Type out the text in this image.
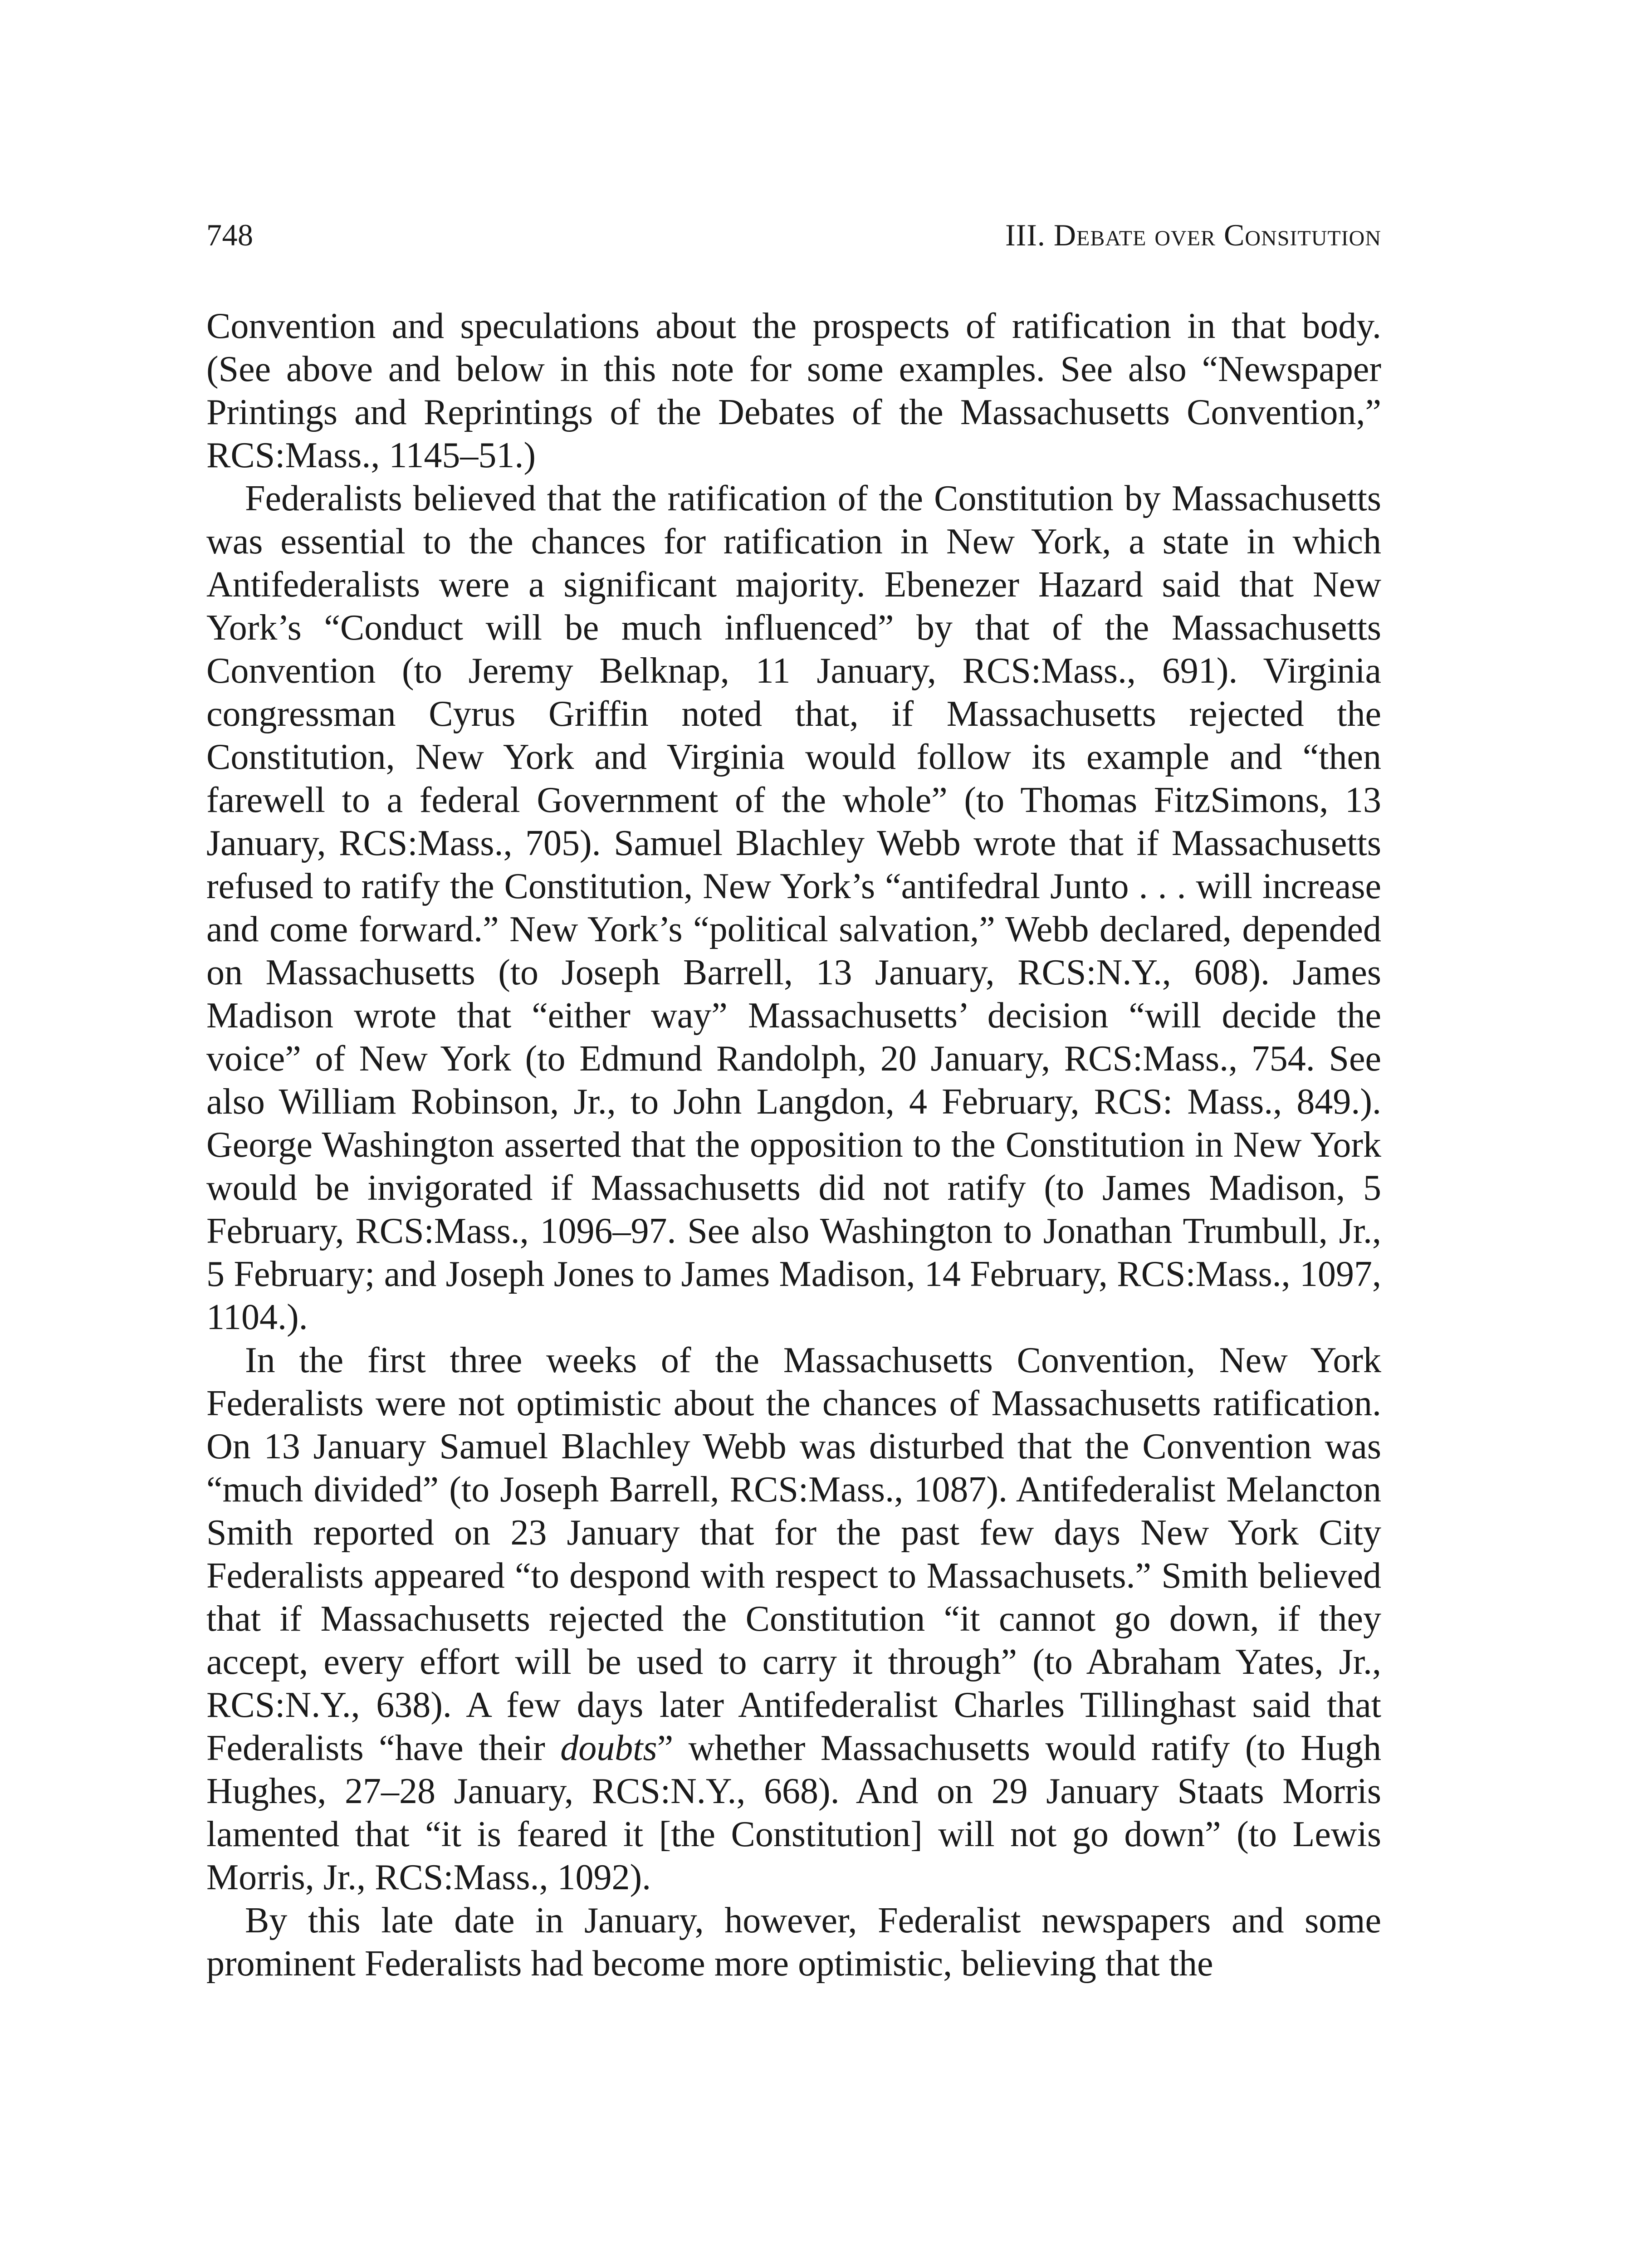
748	III. Debate over Consitution

Convention and speculations about the prospects of ratification in that body. (See above and below in this note for some examples. See also “Newspaper Printings and Reprintings of the Debates of the Massachusetts Convention,” RCS:Mass., 1145–51.)

Federalists believed that the ratification of the Constitution by Massachusetts was essential to the chances for ratification in New York, a state in which Antifederalists were a significant majority. Ebenezer Hazard said that New York’s “Conduct will be much influenced” by that of the Massachusetts Convention (to Jeremy Belknap, 11 January, RCS:Mass., 691). Virginia congressman Cyrus Griffin noted that, if Massachusetts rejected the Constitution, New York and Virginia would follow its example and “then farewell to a federal Government of the whole” (to Thomas FitzSimons, 13 January, RCS:Mass., 705). Samuel Blachley Webb wrote that if Massachusetts refused to ratify the Constitution, New York’s “antifedral Junto . . . will increase and come forward.” New York’s “political salvation,” Webb declared, depended on Massachusetts (to Joseph Barrell, 13 January, RCS:N.Y., 608). James Madison wrote that “either way” Massachusetts’ decision “will decide the voice” of New York (to Edmund Randolph, 20 January, RCS:Mass., 754. See also William Robinson, Jr., to John Langdon, 4 February, RCS: Mass., 849.). George Washington asserted that the opposition to the Constitution in New York would be invigorated if Massachusetts did not ratify (to James Madison, 5 February, RCS:Mass., 1096–97. See also Washington to Jonathan Trumbull, Jr., 5 February; and Joseph Jones to James Madison, 14 February, RCS:Mass., 1097, 1104.).

In the first three weeks of the Massachusetts Convention, New York Federalists were not optimistic about the chances of Massachusetts ratification. On 13 January Samuel Blachley Webb was disturbed that the Convention was “much divided” (to Joseph Barrell, RCS:Mass., 1087). Antifederalist Melancton Smith reported on 23 January that for the past few days New York City Federalists appeared “to despond with respect to Massachusets.” Smith believed that if Massachusetts rejected the Constitution “it cannot go down, if they accept, every effort will be used to carry it through” (to Abraham Yates, Jr., RCS:N.Y., 638). A few days later Antifederalist Charles Tillinghast said that Federalists “have their doubts” whether Massachusetts would ratify (to Hugh Hughes, 27–28 January, RCS:N.Y., 668). And on 29 January Staats Morris lamented that “it is feared it [the Constitution] will not go down” (to Lewis Morris, Jr., RCS:Mass., 1092).

By this late date in January, however, Federalist newspapers and some prominent Federalists had become more optimistic, believing that the
